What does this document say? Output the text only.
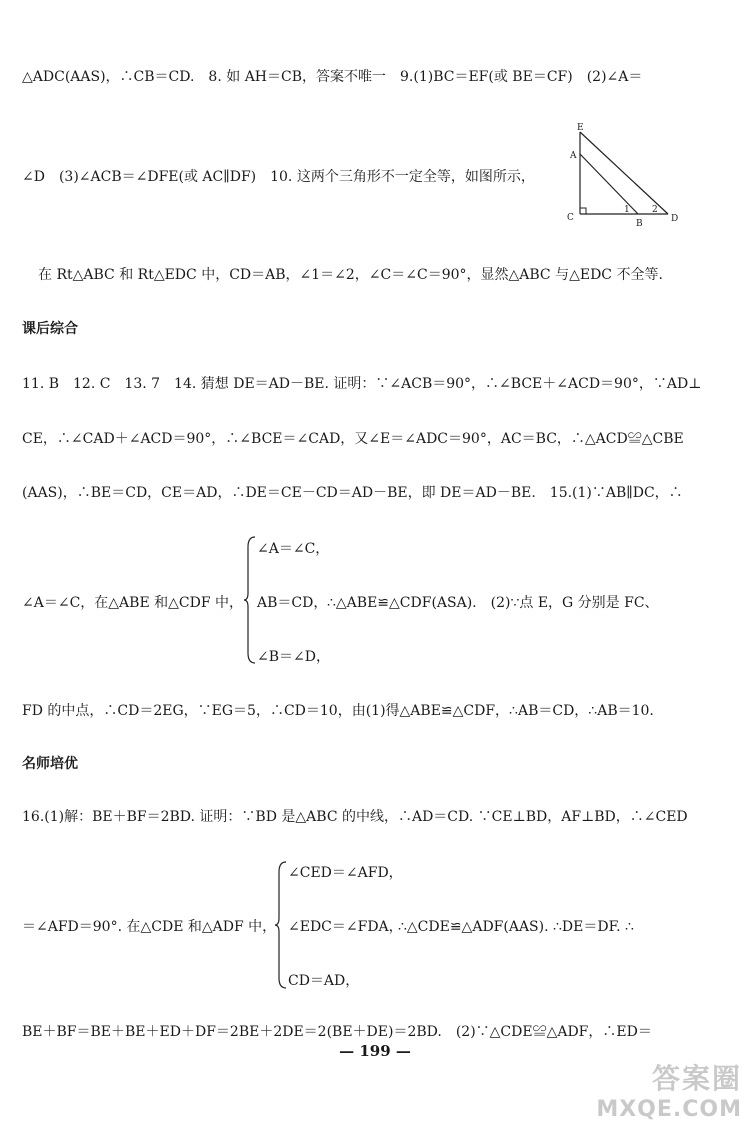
△ADC(AAS)，∴CB＝CD.　8. 如 AH＝CB，答案不唯一　9.(1)BC＝EF(或 BE＝CF)　(2)∠A＝
∠D　(3)∠ACB＝∠DFE(或 AC∥DF)　10. 这两个三角形不一定全等，如图所示，
E
A
C
B	D
1 2
在 Rt△ABC 和 Rt△EDC 中，CD＝AB，∠1＝∠2，∠C＝∠C＝90°，显然△ABC 与△EDC 不全等.
课后综合
11. B　12. C　13. 7　14. 猜想 DE＝AD－BE. 证明：∵∠ACB＝90°，∴∠BCE＋∠ACD＝90°，∵AD⊥
CE，∴∠CAD＋∠ACD＝90°，∴∠BCE＝∠CAD，又∠E＝∠ADC＝90°，AC＝BC，∴△ACD≌△CBE
(AAS)，∴BE＝CD，CE＝AD，∴DE＝CE－CD＝AD－BE，即 DE＝AD－BE.　15.(1)∵AB∥DC，∴
∠A＝∠C，在△ABE 和△CDF 中，
∠A＝∠C，
AB＝CD，
∠B＝∠D，
∴△ABE≌△CDF(ASA).　(2)∵点 E，G 分别是 FC、
FD 的中点，∴CD＝2EG，∵EG＝5，∴CD＝10，由(1)得△ABE≌△CDF，∴AB＝CD，∴AB＝10.
名师培优
16.(1)解：BE＋BF＝2BD. 证明：∵BD 是△ABC 的中线，∴AD＝CD. ∵CE⊥BD，AF⊥BD，∴∠CED
＝∠AFD＝90°. 在△CDE 和△ADF 中，
∠CED＝∠AFD，
∠EDC＝∠FDA，
CD＝AD，
∴△CDE≌△ADF(AAS). ∴DE＝DF. ∴
BE＋BF＝BE＋BE＋ED＋DF＝2BE＋2DE＝2(BE＋DE)＝2BD.　(2)∵△CDE≌△ADF，∴ED＝
— 199 —
答案圈
MXQE.COM
